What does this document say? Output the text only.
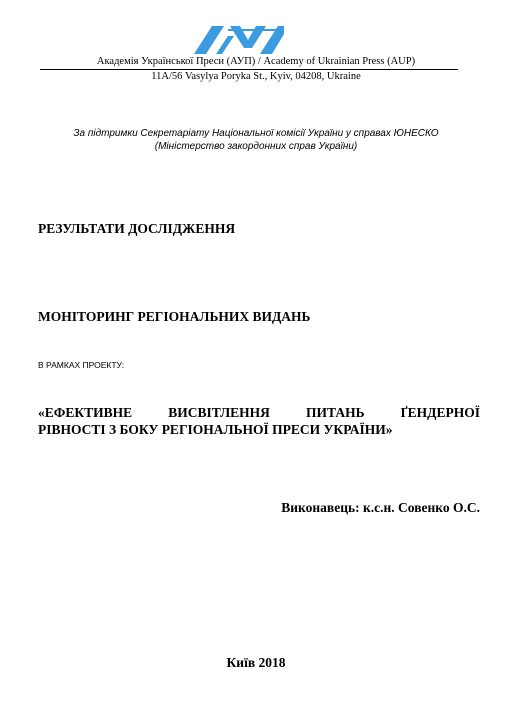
Академія Української Преси (АУП) / Academy of Ukrainian Press (AUP)
11А/56 Vasylya Poryka St., Kyiv, 04208, Ukraine
За підтримки Секретаріату Національної комісії України у справах ЮНЕСКО
(Міністерство закордонних справ України)
РЕЗУЛЬТАТИ ДОСЛІДЖЕННЯ
МОНІТОРИНГ РЕГІОНАЛЬНИХ ВИДАНЬ
В РАМКАХ ПРОЕКТУ:
«ЕФЕКТИВНЕ	ВИСВІТЛЕННЯ	ПИТАНЬ	ҐЕНДЕРНОЇ
РІВНОСТІ З БОКУ РЕГІОНАЛЬНОЇ ПРЕСИ УКРАЇНИ»
Виконавець: к.с.н. Совенко О.С.
Київ 2018
